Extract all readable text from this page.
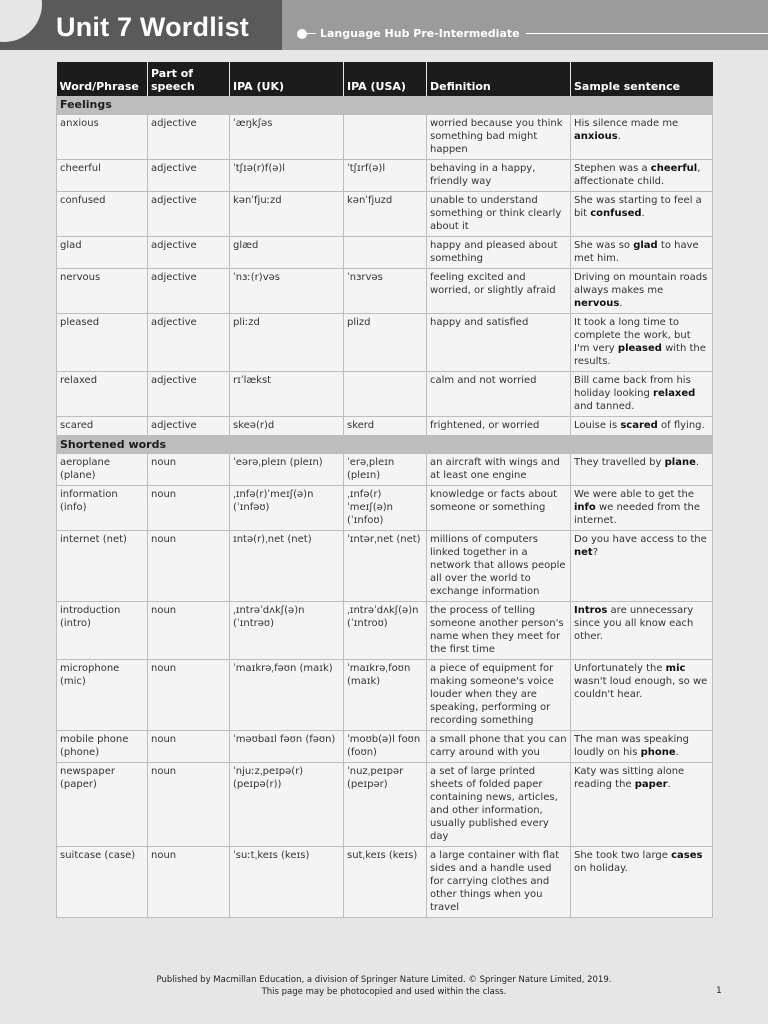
Unit 7 Wordlist	Language Hub Pre-Intermediate
Word/Phrase	Part of speech	IPA (UK)	IPA (USA)	Definition	Sample sentence
Feelings					
anxious	adjective	ˈæŋkʃəs		worried because you think something bad might happen	His silence made me anxious.
cheerful	adjective	ˈtʃɪə(r)f(ə)l	ˈtʃɪrf(ə)l	behaving in a happy, friendly way	Stephen was a cheerful, affectionate child.
confused	adjective	kənˈfjuːzd	kənˈfjuzd	unable to understand something or think clearly about it	She was starting to feel a bit confused.
glad	adjective	glæd		happy and pleased about something	She was so glad to have met him.
nervous	adjective	ˈnɜː(r)vəs	ˈnɜrvəs	feeling excited and worried, or slightly afraid	Driving on mountain roads always makes me nervous.
pleased	adjective	pliːzd	plizd	happy and satisfied	It took a long time to complete the work, but I'm very pleased with the results.
relaxed	adjective	rɪˈlækst		calm and not worried	Bill came back from his holiday looking relaxed and tanned.
scared	adjective	skeə(r)d	skerd	frightened, or worried	Louise is scared of flying.
Shortened words					
aeroplane (plane)	noun	ˈeərəˌpleɪn (pleɪn)	ˈerəˌpleɪn (pleɪn)	an aircraft with wings and at least one engine	They travelled by plane.
information (info)	noun	ˌɪnfə(r)ˈmeɪʃ(ə)n (ˈɪnfəʊ)	ˌɪnfə(r)ˈmeɪʃ(ə)n (ˈɪnfoʊ)	knowledge or facts about someone or something	We were able to get the info we needed from the internet.
internet (net)	noun	ɪntə(r)ˌnet (net)	ˈɪntərˌnet (net)	millions of computers linked together in a network that allows people all over the world to exchange information	Do you have access to the net?
introduction (intro)	noun	ˌɪntrəˈdʌkʃ(ə)n (ˈɪntrəʊ)	ˌɪntrəˈdʌkʃ(ə)n (ˈɪntroʊ)	the process of telling someone another person's name when they meet for the first time	Intros are unnecessary since you all know each other.
microphone (mic)	noun	ˈmaɪkrəˌfəʊn (maɪk)	ˈmaɪkrəˌfoʊn (maɪk)	a piece of equipment for making someone's voice louder when they are speaking, performing or recording something	Unfortunately the mic wasn't loud enough, so we couldn't hear.
mobile phone (phone)	noun	ˈməʊbaɪl fəʊn (fəʊn)	ˈmoʊb(ə)l foʊn (foʊn)	a small phone that you can carry around with you	The man was speaking loudly on his phone.
newspaper (paper)	noun	ˈnjuːzˌpeɪpə(r) (peɪpə(r))	ˈnuzˌpeɪpər (peɪpər)	a set of large printed sheets of folded paper containing news, articles, and other information, usually published every day	Katy was sitting alone reading the paper.
suitcase (case)	noun	ˈsuːtˌkeɪs (keɪs)	sutˌkeɪs (keɪs)	a large container with flat sides and a handle used for carrying clothes and other things when you travel	She took two large cases on holiday.
Published by Macmillan Education, a division of Springer Nature Limited. © Springer Nature Limited, 2019.
This page may be photocopied and used within the class.	1
